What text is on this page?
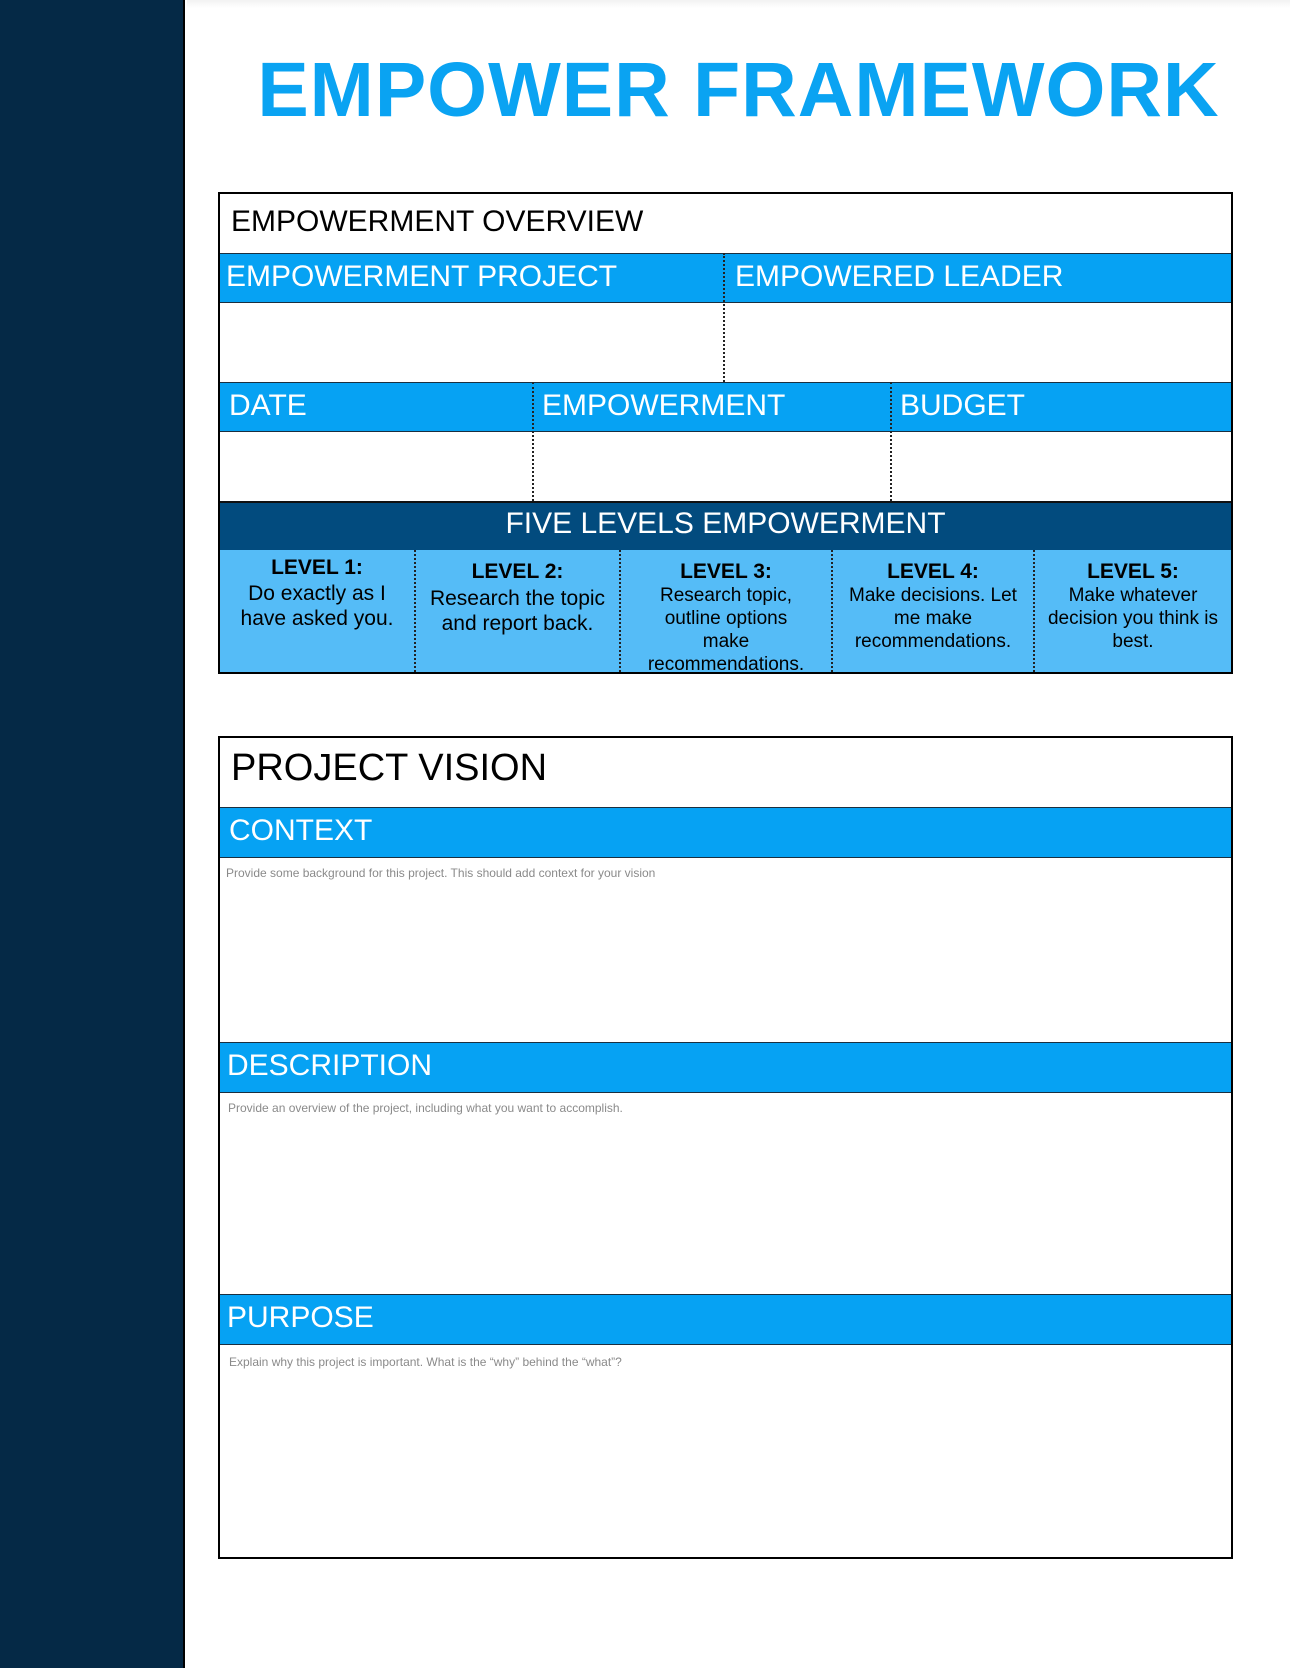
EMPOWER FRAMEWORK
EMPOWERMENT OVERVIEW
EMPOWERMENT PROJECT	EMPOWERED LEADER
DATE	EMPOWERMENT	BUDGET
FIVE LEVELS EMPOWERMENT
LEVEL 1:
Do exactly as I have asked you.
LEVEL 2:
Research the topic and report back.
LEVEL 3:
Research topic, outline options make recommendations.
LEVEL 4:
Make decisions. Let me make recommendations.
LEVEL 5:
Make whatever decision you think is best.
PROJECT VISION
CONTEXT
Provide some background for this project. This should add context for your vision
DESCRIPTION
Provide an overview of the project, including what you want to accomplish.
PURPOSE
Explain why this project is important. What is the “why” behind the “what”?
